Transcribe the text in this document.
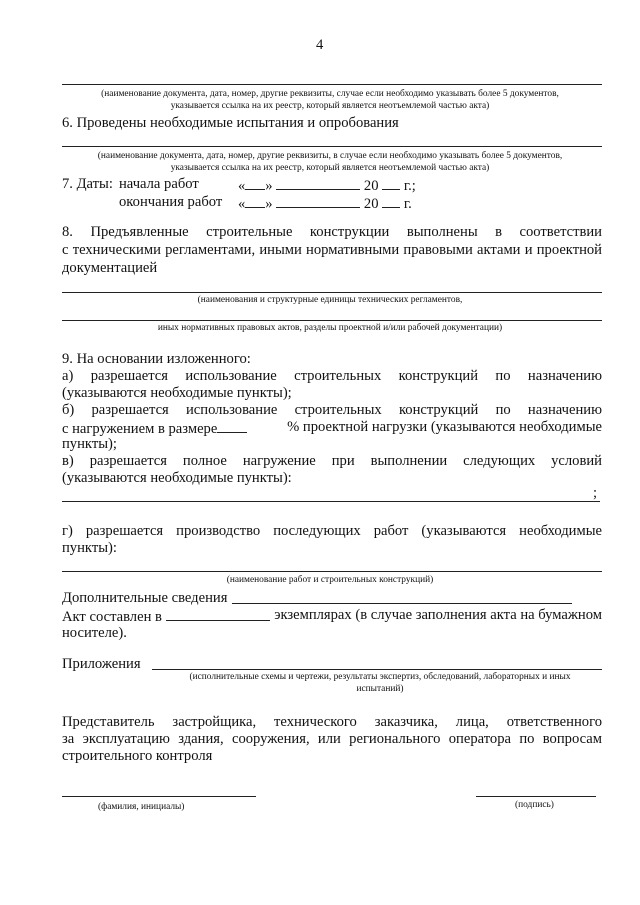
4
(наименование документа, дата, номер, другие реквизиты, случае если необходимо указывать более 5 документов,
указывается ссылка на их реестр, который является неотъемлемой частью акта)
6. Проведены необходимые испытания и опробования
(наименование документа, дата, номер, другие реквизиты, в случае если необходимо указывать более 5 документов,
указывается ссылка на их реестр, который является неотъемлемой частью акта)
7. Даты: начала работ	« »	20 г.;
окончания работ « »	20 г.
8. Предъявленные строительные конструкции выполнены в соответствии
с техническими регламентами, иными нормативными правовыми актами и проектной
документацией
(наименования и структурные единицы технических регламентов,
иных нормативных правовых актов, разделы проектной и/или рабочей документации)
9. На основании изложенного:
а) разрешается использование строительных конструкций по назначению
(указываются необходимые пункты);
б) разрешается использование строительных конструкций по назначению
с нагружением в размере	% проектной нагрузки (указываются необходимые
пункты);
в) разрешается полное нагружение при выполнении следующих условий
(указываются необходимые пункты):
;
г) разрешается производство последующих работ (указываются необходимые
пункты):
(наименование работ и строительных конструкций)
Дополнительные сведения
Акт составлен в	экземплярах (в случае заполнения акта на бумажном
носителе).
Приложения
(исполнительные схемы и чертежи, результаты экспертиз, обследований, лабораторных и иных
испытаний)
Представитель застройщика, технического заказчика, лица, ответственного
за эксплуатацию здания, сооружения, или регионального оператора по вопросам
строительного контроля
(фамилия, инициалы)	(подпись)
